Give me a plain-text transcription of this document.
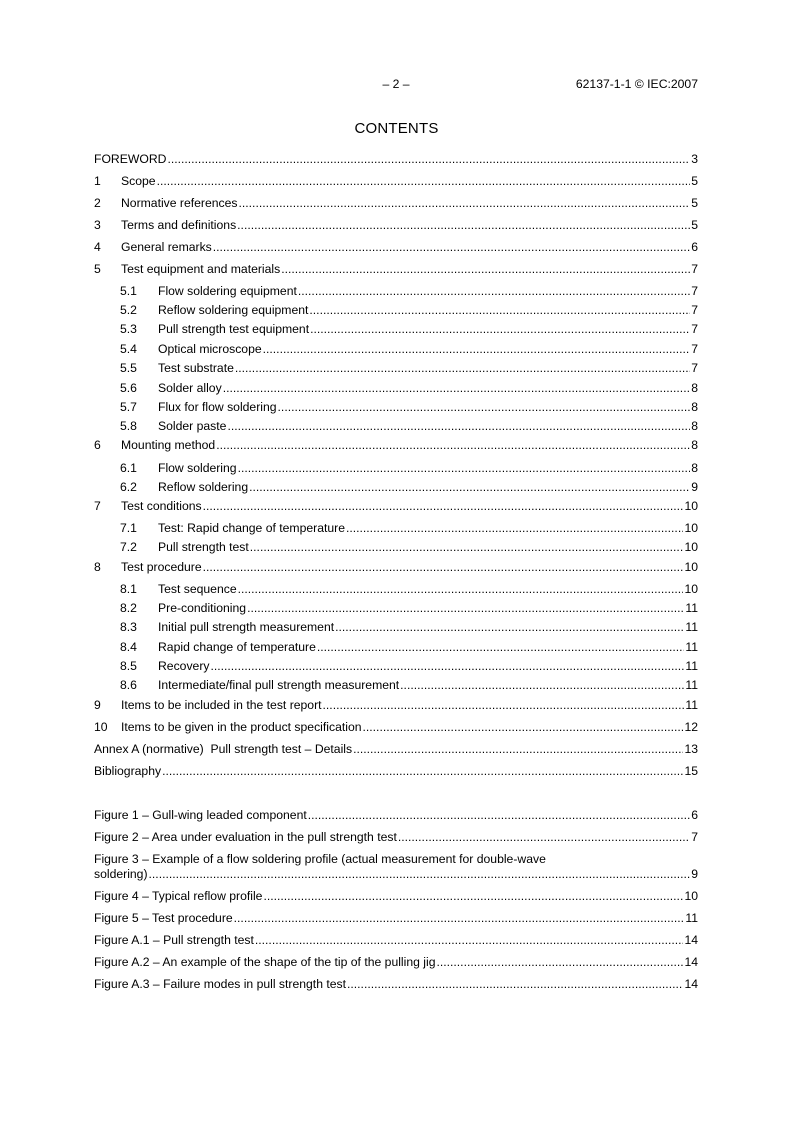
– 2 –	62137-1-1 © IEC:2007
CONTENTS
FOREWORD .....	3
1	Scope .....	5
2	Normative references .....	5
3	Terms and definitions .....	5
4	General remarks .....	6
5	Test equipment and materials .....	7
5.1	Flow soldering equipment .....	7
5.2	Reflow soldering equipment .....	7
5.3	Pull strength test equipment .....	7
5.4	Optical microscope .....	7
5.5	Test substrate .....	7
5.6	Solder alloy .....	8
5.7	Flux for flow soldering .....	8
5.8	Solder paste .....	8
6	Mounting method .....	8
6.1	Flow soldering .....	8
6.2	Reflow soldering .....	9
7	Test conditions .....	10
7.1	Test: Rapid change of temperature .....	10
7.2	Pull strength test .....	10
8	Test procedure .....	10
8.1	Test sequence .....	10
8.2	Pre-conditioning .....	11
8.3	Initial pull strength measurement .....	11
8.4	Rapid change of temperature .....	11
8.5	Recovery .....	11
8.6	Intermediate/final pull strength measurement .....	11
9	Items to be included in the test report .....	11
10	Items to be given in the product specification .....	12
Annex A (normative)  Pull strength test – Details .....	13
Bibliography .....	15
Figure 1 – Gull-wing leaded component .....	6
Figure 2 – Area under evaluation in the pull strength test .....	7
Figure 3 – Example of a flow soldering profile (actual measurement for double-wave
soldering) .....	9
Figure 4 – Typical reflow profile .....	10
Figure 5 – Test procedure .....	11
Figure A.1 – Pull strength test .....	14
Figure A.2 – An example of the shape of the tip of the pulling jig .....	14
Figure A.3 – Failure modes in pull strength test .....	14
